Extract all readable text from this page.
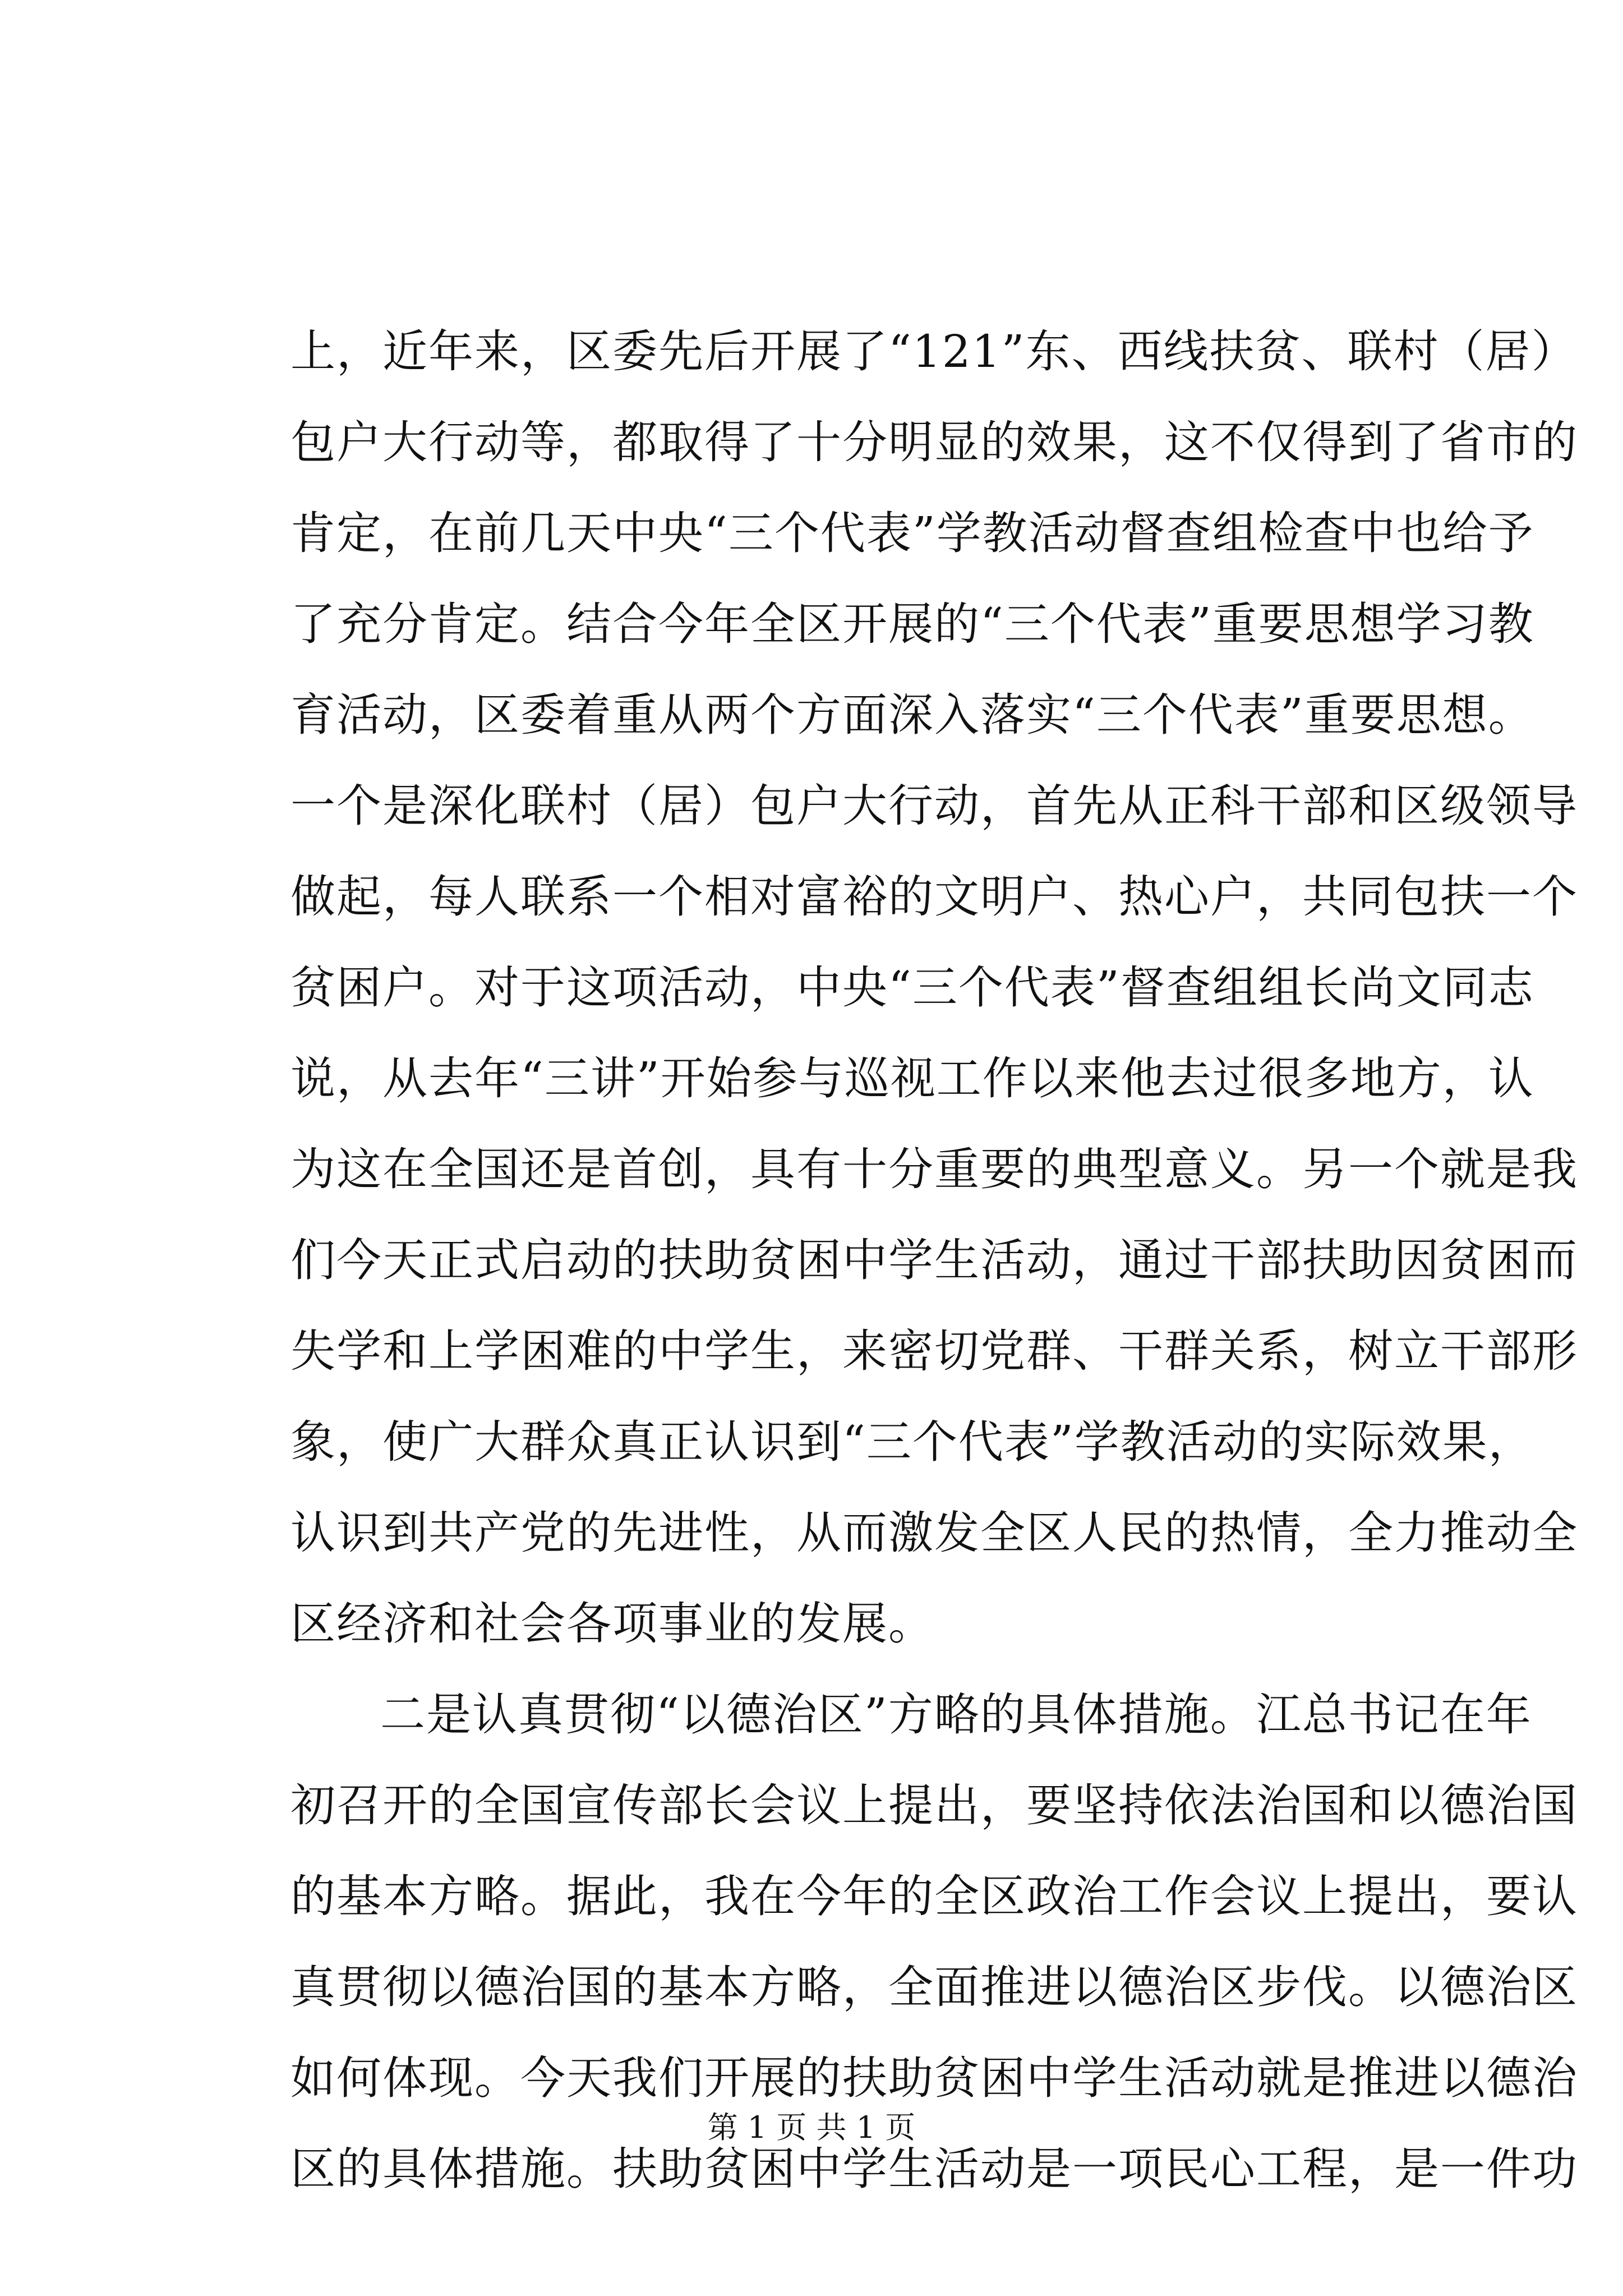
上，近年来，区委先后开展了“121”东、西线扶贫、联村（居）
包户大行动等，都取得了十分明显的效果，这不仅得到了省市的
肯定，在前几天中央“三个代表”学教活动督查组检查中也给予
了充分肯定。结合今年全区开展的“三个代表”重要思想学习教
育活动，区委着重从两个方面深入落实“三个代表”重要思想。
一个是深化联村（居）包户大行动，首先从正科干部和区级领导
做起，每人联系一个相对富裕的文明户、热心户，共同包扶一个
贫困户。对于这项活动，中央“三个代表”督查组组长尚文同志
说，从去年“三讲”开始参与巡视工作以来他去过很多地方，认
为这在全国还是首创，具有十分重要的典型意义。另一个就是我
们今天正式启动的扶助贫困中学生活动，通过干部扶助因贫困而
失学和上学困难的中学生，来密切党群、干群关系，树立干部形
象，使广大群众真正认识到“三个代表”学教活动的实际效果，
认识到共产党的先进性，从而激发全区人民的热情，全力推动全
区经济和社会各项事业的发展。
二是认真贯彻“以德治区”方略的具体措施。江总书记在年
初召开的全国宣传部长会议上提出，要坚持依法治国和以德治国
的基本方略。据此，我在今年的全区政治工作会议上提出，要认
真贯彻以德治国的基本方略，全面推进以德治区步伐。以德治区
如何体现。今天我们开展的扶助贫困中学生活动就是推进以德治
区的具体措施。扶助贫困中学生活动是一项民心工程，是一件功
第 1 页 共 1 页
